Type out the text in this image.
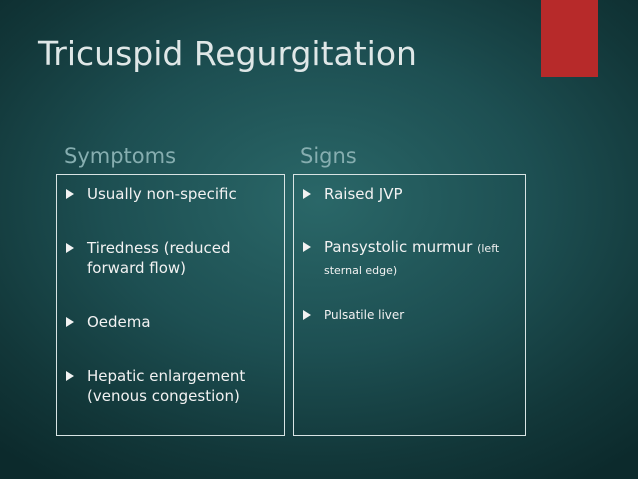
Tricuspid Regurgitation
Symptoms
Usually non-specific
Tiredness (reduced forward flow)
Oedema
Hepatic enlargement (venous congestion)
Signs
Raised JVP
Pansystolic murmur (left sternal edge)
Pulsatile liver
